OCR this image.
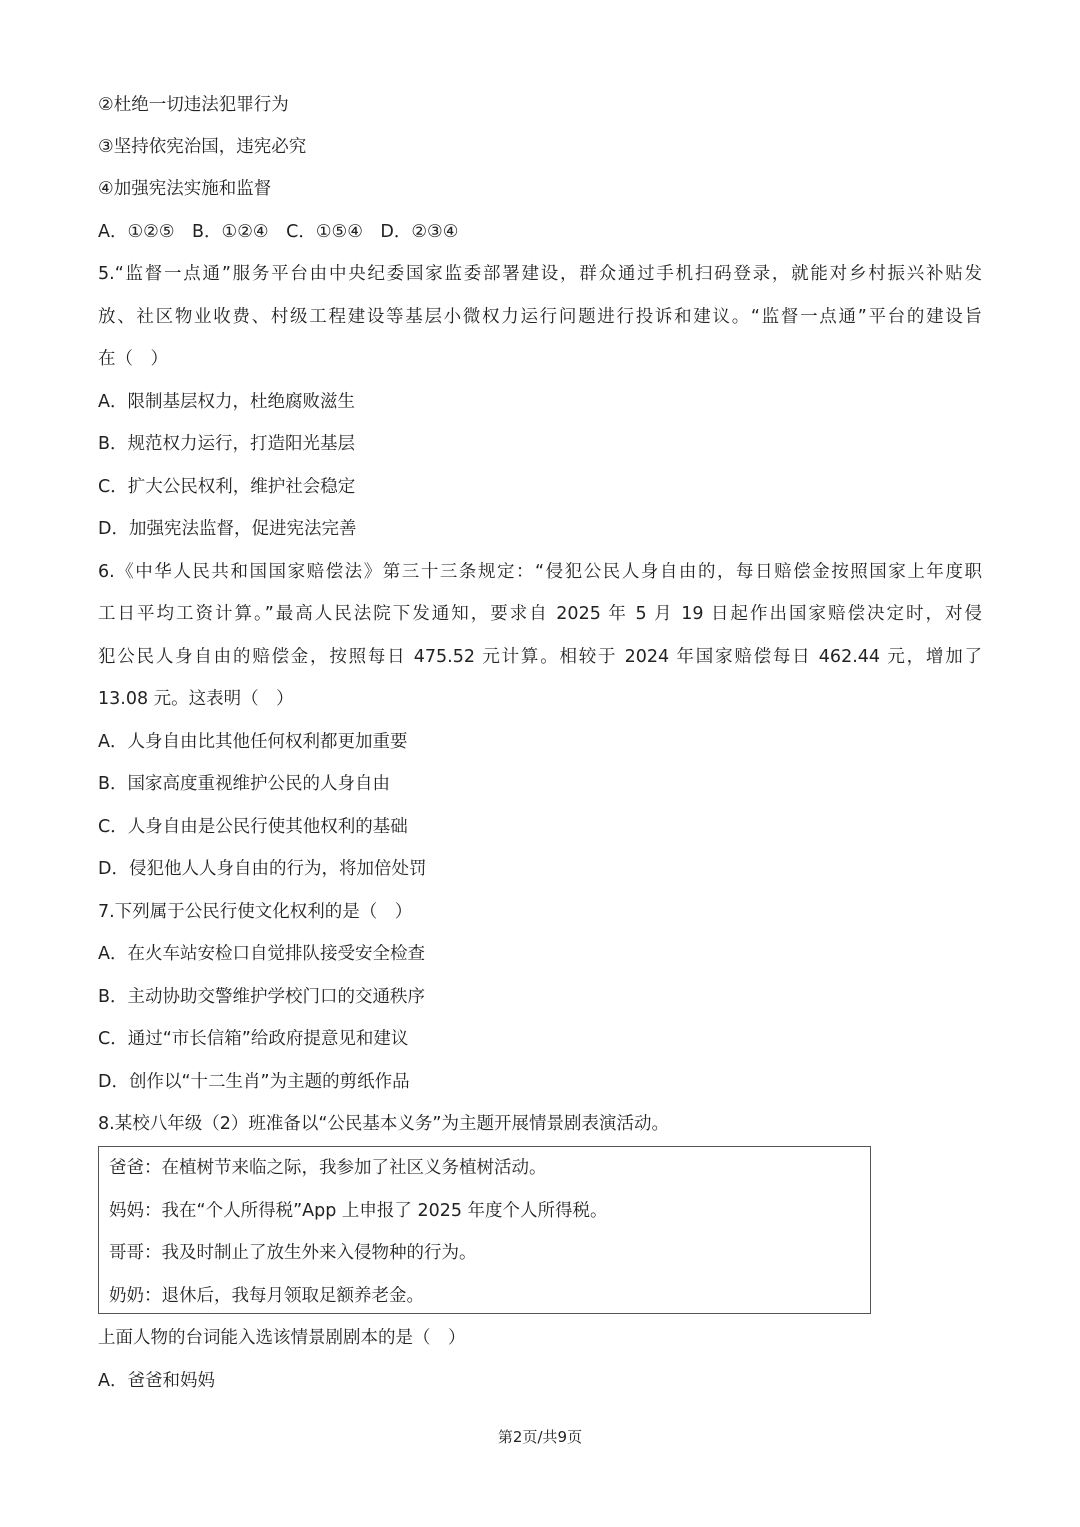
②杜绝一切违法犯罪行为
③坚持依宪治国，违宪必究
④加强宪法实施和监督
A．①②⑤　B．①②④　C．①⑤④　D．②③④
5.“监督一点通”服务平台由中央纪委国家监委部署建设，群众通过手机扫码登录，就能对乡村振兴补贴发
放、社区物业收费、村级工程建设等基层小微权力运行问题进行投诉和建议。“监督一点通”平台的建设旨
在（　）
A．限制基层权力，杜绝腐败滋生
B．规范权力运行，打造阳光基层
C．扩大公民权利，维护社会稳定
D．加强宪法监督，促进宪法完善
6.《中华人民共和国国家赔偿法》第三十三条规定：“侵犯公民人身自由的，每日赔偿金按照国家上年度职
工日平均工资计算。”最高人民法院下发通知，要求自 2025 年 5 月 19 日起作出国家赔偿决定时，对侵
犯公民人身自由的赔偿金，按照每日 475.52 元计算。相较于 2024 年国家赔偿每日 462.44 元，增加了
13.08 元。这表明（　）
A．人身自由比其他任何权利都更加重要
B．国家高度重视维护公民的人身自由
C．人身自由是公民行使其他权利的基础
D．侵犯他人人身自由的行为，将加倍处罚
7.下列属于公民行使文化权利的是（　）
A．在火车站安检口自觉排队接受安全检查
B．主动协助交警维护学校门口的交通秩序
C．通过“市长信箱”给政府提意见和建议
D．创作以“十二生肖”为主题的剪纸作品
8.某校八年级（2）班准备以“公民基本义务”为主题开展情景剧表演活动。
爸爸：在植树节来临之际，我参加了社区义务植树活动。
妈妈：我在“个人所得税”App 上申报了 2025 年度个人所得税。
哥哥：我及时制止了放生外来入侵物种的行为。
奶奶：退休后，我每月领取足额养老金。
上面人物的台词能入选该情景剧剧本的是（　）
A．爸爸和妈妈
第2页/共9页
